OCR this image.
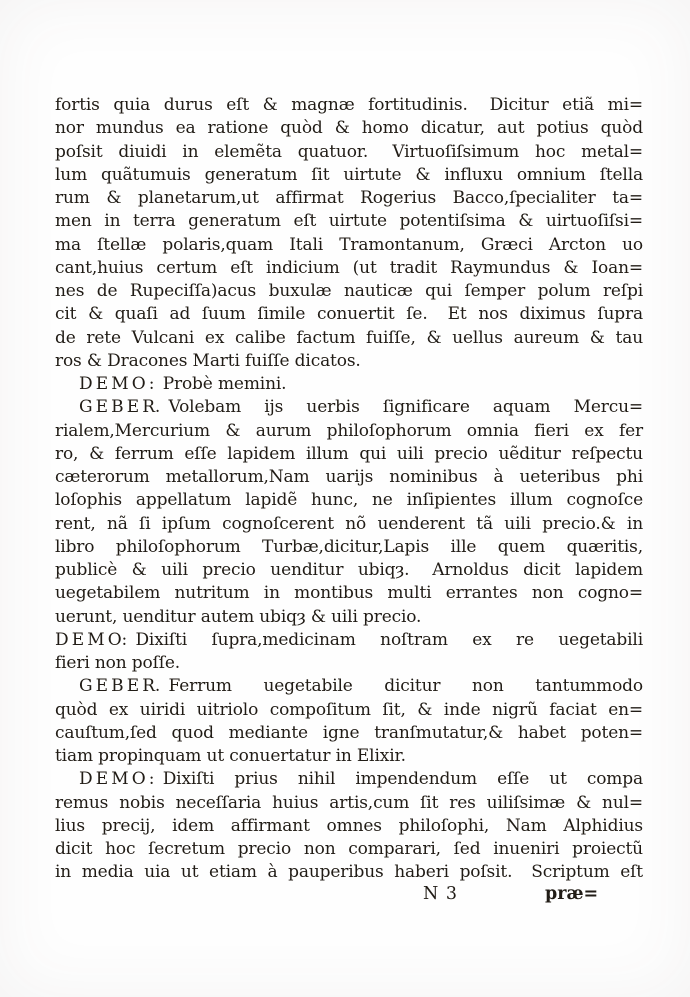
fortis quia durus eſt & magnæ fortitudinis.  Dicitur etiã mi=
nor mundus ea ratione quòd & homo dicatur, aut potius quòd
poſsit diuidi in elemẽta quatuor.  Virtuoſiſsimum hoc metal=
lum quãtumuis generatum ſit uirtute & influxu omnium ſtella
rum & planetarum,ut affirmat Rogerius Bacco,ſpecialiter ta=
men in terra generatum eſt uirtute potentiſsima & uirtuoſiſsi=
ma ſtellæ polaris,quam Itali Tramontanum, Græci Arcton uo
cant,huius certum eſt indicium (ut tradit Raymundus & Ioan=
nes de Rupeciſſa)acus buxulæ nauticæ qui ſemper polum reſpi
cit & quaſi ad ſuum ſimile conuertit ſe.  Et nos diximus ſupra
de rete Vulcani ex calibe factum fuiſſe, & uellus aureum & tau
ros & Dracones Marti fuiſſe dicatos.
D E M O : Probè memini.
G E B E R. Volebam ijs uerbis ſignificare aquam Mercu=
rialem,Mercurium & aurum philoſophorum omnia fieri ex fer
ro, & ferrum eſſe lapidem illum qui uili precio uẽditur reſpectu
cæterorum metallorum,Nam uarijs nominibus à ueteribus phi
loſophis appellatum lapidẽ hunc, ne inſipientes illum cognoſce
rent, nã ſi ipſum cognoſcerent nõ uenderent tã uili precio.& in
libro philoſophorum Turbæ,dicitur,Lapis ille quem quæritis,
publicè & uili precio uenditur ubiqȝ.  Arnoldus dicit lapidem
uegetabilem nutritum in montibus multi errantes non cogno=
uerunt, uenditur autem ubiqȝ & uili precio.
D E M O: Dixiſti ſupra,medicinam noſtram ex re uegetabili
fieri non poſſe.
G E B E R. Ferrum uegetabile dicitur non tantummodo
quòd ex uiridi uitriolo compoſitum ſit, & inde nigrũ faciat en=
cauſtum,ſed quod mediante igne tranſmutatur,& habet poten=
tiam propinquam ut conuertatur in Elixir.
D E M O : Dixiſti prius nihil impendendum eſſe ut compa
remus nobis neceſſaria huius artis,cum ſit res uiliſsimæ & nul=
lius precij, idem affirmant omnes philoſophi, Nam Alphidius
dicit hoc ſecretum precio non comparari, ſed inueniri proiectũ
in media uia ut etiam à pauperibus haberi poſsit.  Scriptum eſt
N 3	præ=
